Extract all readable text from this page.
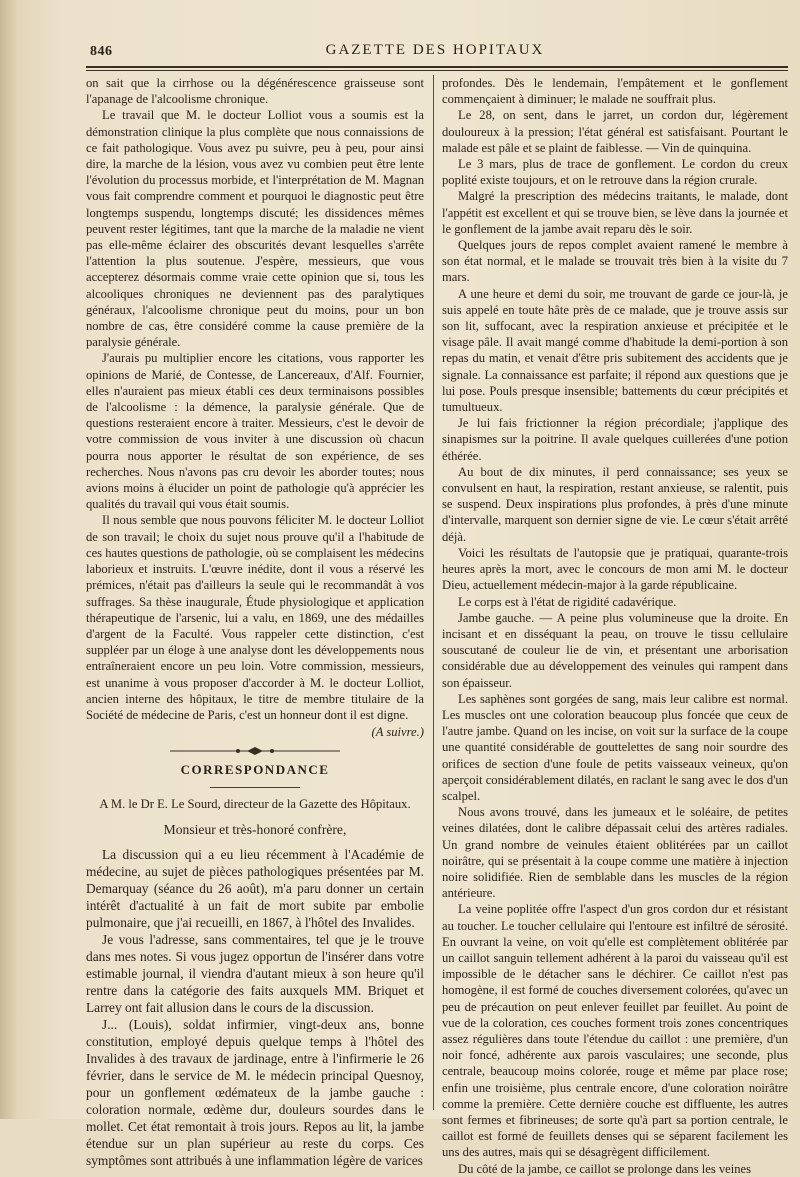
846	GAZETTE DES HOPITAUX

on sait que la cirrhose ou la dégénérescence graisseuse sont l'apanage de l'alcoolisme chronique.

Le travail que M. le docteur Lolliot vous a soumis est la démonstration clinique la plus complète que nous connaissions de ce fait pathologique. Vous avez pu suivre, peu à peu, pour ainsi dire, la marche de la lésion, vous avez vu combien peut être lente l'évolution du processus morbide, et l'interprétation de M. Magnan vous fait comprendre comment et pourquoi le diagnostic peut être longtemps suspendu, longtemps discuté; les dissidences mêmes peuvent rester légitimes, tant que la marche de la maladie ne vient pas elle-même éclairer des obscurités devant lesquelles s'arrête l'attention la plus soutenue. J'espère, messieurs, que vous accepterez désormais comme vraie cette opinion que si, tous les alcooliques chroniques ne deviennent pas des paralytiques généraux, l'alcoolisme chronique peut du moins, pour un bon nombre de cas, être considéré comme la cause première de la paralysie générale.

J'aurais pu multiplier encore les citations, vous rapporter les opinions de Marié, de Contesse, de Lancereaux, d'Alf. Fournier, elles n'auraient pas mieux établi ces deux terminaisons possibles de l'alcoolisme : la démence, la paralysie générale. Que de questions resteraient encore à traiter. Messieurs, c'est le devoir de votre commission de vous inviter à une discussion où chacun pourra nous apporter le résultat de son expérience, de ses recherches. Nous n'avons pas cru devoir les aborder toutes; nous avions moins à élucider un point de pathologie qu'à apprécier les qualités du travail qui vous était soumis.

Il nous semble que nous pouvons féliciter M. le docteur Lolliot de son travail; le choix du sujet nous prouve qu'il a l'habitude de ces hautes questions de pathologie, où se complaisent les médecins laborieux et instruits. L'œuvre inédite, dont il vous a réservé les prémices, n'était pas d'ailleurs la seule qui le recommandât à vos suffrages. Sa thèse inaugurale, Étude physiologique et application thérapeutique de l'arsenic, lui a valu, en 1869, une des médailles d'argent de la Faculté. Vous rappeler cette distinction, c'est suppléer par un éloge à une analyse dont les développements nous entraîneraient encore un peu loin. Votre commission, messieurs, est unanime à vous proposer d'accorder à M. le docteur Lolliot, ancien interne des hôpitaux, le titre de membre titulaire de la Société de médecine de Paris, c'est un honneur dont il est digne.

(A suivre.)

CORRESPONDANCE
A M. le Dr E. Le Sourd, directeur de la Gazette des Hôpitaux.
Monsieur et très-honoré confrère,

La discussion qui a eu lieu récemment à l'Académie de médecine, au sujet de pièces pathologiques présentées par M. Demarquay (séance du 26 août), m'a paru donner un certain intérêt d'actualité à un fait de mort subite par embolie pulmonaire, que j'ai recueilli, en 1867, à l'hôtel des Invalides.

Je vous l'adresse, sans commentaires, tel que je le trouve dans mes notes. Si vous jugez opportun de l'insérer dans votre estimable journal, il viendra d'autant mieux à son heure qu'il rentre dans la catégorie des faits auxquels MM. Briquet et Larrey ont fait allusion dans le cours de la discussion.

J... (Louis), soldat infirmier, vingt-deux ans, bonne constitution, employé depuis quelque temps à l'hôtel des Invalides à des travaux de jardinage, entre à l'infirmerie le 26 février, dans le service de M. le médecin principal Quesnoy, pour un gonflement œdémateux de la jambe gauche : coloration normale, œdème dur, douleurs sourdes dans le mollet. Cet état remontait à trois jours. Repos au lit, la jambe étendue sur un plan supérieur au reste du corps. Ces symptômes sont attribués à une inflammation légère de varices

profondes. Dès le lendemain, l'empâtement et le gonflement commençaient à diminuer; le malade ne souffrait plus.

Le 28, on sent, dans le jarret, un cordon dur, légèrement douloureux à la pression; l'état général est satisfaisant. Pourtant le malade est pâle et se plaint de faiblesse. — Vin de quinquina.

Le 3 mars, plus de trace de gonflement. Le cordon du creux poplité existe toujours, et on le retrouve dans la région crurale.

Malgré la prescription des médecins traitants, le malade, dont l'appétit est excellent et qui se trouve bien, se lève dans la journée et le gonflement de la jambe avait reparu dès le soir.

Quelques jours de repos complet avaient ramené le membre à son état normal, et le malade se trouvait très bien à la visite du 7 mars.

A une heure et demi du soir, me trouvant de garde ce jour-là, je suis appelé en toute hâte près de ce malade, que je trouve assis sur son lit, suffocant, avec la respiration anxieuse et précipitée et le visage pâle. Il avait mangé comme d'habitude la demi-portion à son repas du matin, et venait d'être pris subitement des accidents que je signale. La connaissance est parfaite; il répond aux questions que je lui pose. Pouls presque insensible; battements du cœur précipités et tumultueux.

Je lui fais frictionner la région précordiale; j'applique des sinapismes sur la poitrine. Il avale quelques cuillerées d'une potion éthérée.

Au bout de dix minutes, il perd connaissance; ses yeux se convulsent en haut, la respiration, restant anxieuse, se ralentit, puis se suspend. Deux inspirations plus profondes, à près d'une minute d'intervalle, marquent son dernier signe de vie. Le cœur s'était arrêté déjà.

Voici les résultats de l'autopsie que je pratiquai, quarante-trois heures après la mort, avec le concours de mon ami M. le docteur Dieu, actuellement médecin-major à la garde républicaine.

Le corps est à l'état de rigidité cadavérique.

Jambe gauche. — A peine plus volumineuse que la droite. En incisant et en disséquant la peau, on trouve le tissu cellulaire souscutané de couleur lie de vin, et présentant une arborisation considérable due au développement des veinules qui rampent dans son épaisseur.

Les saphènes sont gorgées de sang, mais leur calibre est normal. Les muscles ont une coloration beaucoup plus foncée que ceux de l'autre jambe. Quand on les incise, on voit sur la surface de la coupe une quantité considérable de gouttelettes de sang noir sourdre des orifices de section d'une foule de petits vaisseaux veineux, qu'on aperçoit considérablement dilatés, en raclant le sang avec le dos d'un scalpel.

Nous avons trouvé, dans les jumeaux et le soléaire, de petites veines dilatées, dont le calibre dépassait celui des artères radiales. Un grand nombre de veinules étaient oblitérées par un caillot noirâtre, qui se présentait à la coupe comme une matière à injection noire solidifiée. Rien de semblable dans les muscles de la région antérieure.

La veine poplitée offre l'aspect d'un gros cordon dur et résistant au toucher. Le toucher cellulaire qui l'entoure est infiltré de sérosité. En ouvrant la veine, on voit qu'elle est complètement oblitérée par un caillot sanguin tellement adhérent à la paroi du vaisseau qu'il est impossible de le détacher sans le déchirer. Ce caillot n'est pas homogène, il est formé de couches diversement colorées, qu'avec un peu de précaution on peut enlever feuillet par feuillet. Au point de vue de la coloration, ces couches forment trois zones concentriques assez régulières dans toute l'étendue du caillot : une première, d'un noir foncé, adhérente aux parois vasculaires; une seconde, plus centrale, beaucoup moins colorée, rouge et même par place rose; enfin une troisième, plus centrale encore, d'une coloration noirâtre comme la première. Cette dernière couche est diffluente, les autres sont fermes et fibrineuses; de sorte qu'à part sa portion centrale, le caillot est formé de feuillets denses qui se séparent facilement les uns des autres, mais qui se désagrègent difficilement.

Du côté de la jambe, ce caillot se prolonge dans les veines
